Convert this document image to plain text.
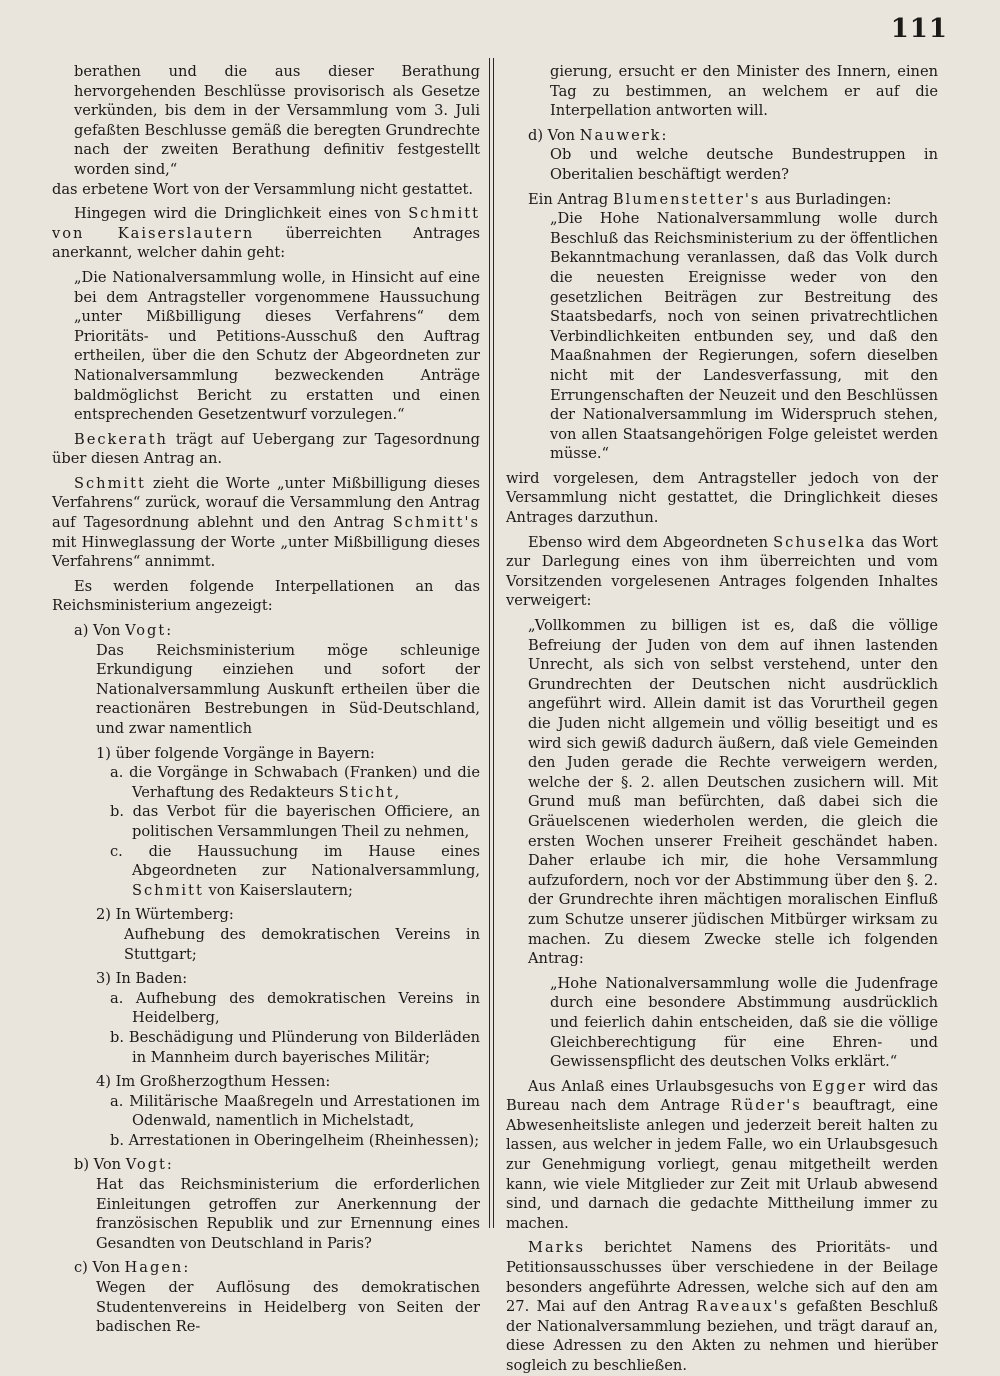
111

berathen und die aus dieser Berathung hervorgehenden Beschlüsse provisorisch als Gesetze verkünden, bis dem in der Versammlung vom 3. Juli gefaßten Beschlusse gemäß die beregten Grundrechte nach der zweiten Berathung definitiv festgestellt worden sind,“

das erbetene Wort von der Versammlung nicht gestattet.

Hingegen wird die Dringlichkeit eines von Schmitt von Kaiserslautern überreichten Antrages anerkannt, welcher dahin geht:

„Die Nationalversammlung wolle, in Hinsicht auf eine bei dem Antragsteller vorgenommene Haussuchung „unter Mißbilligung dieses Verfahrens“ dem Prioritäts- und Petitions-Ausschuß den Auftrag ertheilen, über die den Schutz der Abgeordneten zur Nationalversammlung bezweckenden Anträge baldmöglichst Bericht zu erstatten und einen entsprechenden Gesetzentwurf vorzulegen.“

Beckerath trägt auf Uebergang zur Tagesordnung über diesen Antrag an.

Schmitt zieht die Worte „unter Mißbilligung dieses Verfahrens“ zurück, worauf die Versammlung den Antrag auf Tagesordnung ablehnt und den Antrag Schmitt's mit Hinweglassung der Worte „unter Mißbilligung dieses Verfahrens“ annimmt.

Es werden folgende Interpellationen an das Reichsministerium angezeigt:

a) Von Vogt:

Das Reichsministerium möge schleunige Erkundigung einziehen und sofort der Nationalversammlung Auskunft ertheilen über die reactionären Bestrebungen in Süd-Deutschland, und zwar namentlich

1) über folgende Vorgänge in Bayern:

a. die Vorgänge in Schwabach (Franken) und die Verhaftung des Redakteurs Sticht,

b. das Verbot für die bayerischen Officiere, an politischen Versammlungen Theil zu nehmen,

c. die Haussuchung im Hause eines Abgeordneten zur Nationalversammlung, Schmitt von Kaiserslautern;

2) In Würtemberg:

Aufhebung des demokratischen Vereins in Stuttgart;

3) In Baden:

a. Aufhebung des demokratischen Vereins in Heidelberg,

b. Beschädigung und Plünderung von Bilderläden in Mannheim durch bayerisches Militär;

4) Im Großherzogthum Hessen:

a. Militärische Maaßregeln und Arrestationen im Odenwald, namentlich in Michelstadt,

b. Arrestationen in Oberingelheim (Rheinhessen);

b) Von Vogt:

Hat das Reichsministerium die erforderlichen Einleitungen getroffen zur Anerkennung der französischen Republik und zur Ernennung eines Gesandten von Deutschland in Paris?

c) Von Hagen:

Wegen der Auflösung des demokratischen Studentenvereins in Heidelberg von Seiten der badischen Re-

gierung, ersucht er den Minister des Innern, einen Tag zu bestimmen, an welchem er auf die Interpellation antworten will.

d) Von Nauwerk:

Ob und welche deutsche Bundestruppen in Oberitalien beschäftigt werden?

Ein Antrag Blumenstetter's aus Burladingen:

„Die Hohe Nationalversammlung wolle durch Beschluß das Reichsministerium zu der öffentlichen Bekanntmachung veranlassen, daß das Volk durch die neuesten Ereignisse weder von den gesetzlichen Beiträgen zur Bestreitung des Staatsbedarfs, noch von seinen privatrechtlichen Verbindlichkeiten entbunden sey, und daß den Maaßnahmen der Regierungen, sofern dieselben nicht mit der Landesverfassung, mit den Errungenschaften der Neuzeit und den Beschlüssen der Nationalversammlung im Widerspruch stehen, von allen Staatsangehörigen Folge geleistet werden müsse.“

wird vorgelesen, dem Antragsteller jedoch von der Versammlung nicht gestattet, die Dringlichkeit dieses Antrages darzuthun.

Ebenso wird dem Abgeordneten Schuselka das Wort zur Darlegung eines von ihm überreichten und vom Vorsitzenden vorgelesenen Antrages folgenden Inhaltes verweigert:

„Vollkommen zu billigen ist es, daß die völlige Befreiung der Juden von dem auf ihnen lastenden Unrecht, als sich von selbst verstehend, unter den Grundrechten der Deutschen nicht ausdrücklich angeführt wird. Allein damit ist das Vorurtheil gegen die Juden nicht allgemein und völlig beseitigt und es wird sich gewiß dadurch äußern, daß viele Gemeinden den Juden gerade die Rechte verweigern werden, welche der §. 2. allen Deutschen zusichern will. Mit Grund muß man befürchten, daß dabei sich die Gräuelscenen wiederholen werden, die gleich die ersten Wochen unserer Freiheit geschändet haben. Daher erlaube ich mir, die hohe Versammlung aufzufordern, noch vor der Abstimmung über den §. 2. der Grundrechte ihren mächtigen moralischen Einfluß zum Schutze unserer jüdischen Mitbürger wirksam zu machen. Zu diesem Zwecke stelle ich folgenden Antrag:

„Hohe Nationalversammlung wolle die Judenfrage durch eine besondere Abstimmung ausdrücklich und feierlich dahin entscheiden, daß sie die völlige Gleichberechtigung für eine Ehren- und Gewissenspflicht des deutschen Volks erklärt.“

Aus Anlaß eines Urlaubsgesuchs von Egger wird das Bureau nach dem Antrage Rüder's beauftragt, eine Abwesenheitsliste anlegen und jederzeit bereit halten zu lassen, aus welcher in jedem Falle, wo ein Urlaubsgesuch zur Genehmigung vorliegt, genau mitgetheilt werden kann, wie viele Mitglieder zur Zeit mit Urlaub abwesend sind, und darnach die gedachte Mittheilung immer zu machen.

Marks berichtet Namens des Prioritäts- und Petitionsausschusses über verschiedene in der Beilage besonders angeführte Adressen, welche sich auf den am 27. Mai auf den Antrag Raveaux's gefaßten Beschluß der Nationalversammlung beziehen, und trägt darauf an, diese Adressen zu den Akten zu nehmen und hierüber sogleich zu beschließen.
